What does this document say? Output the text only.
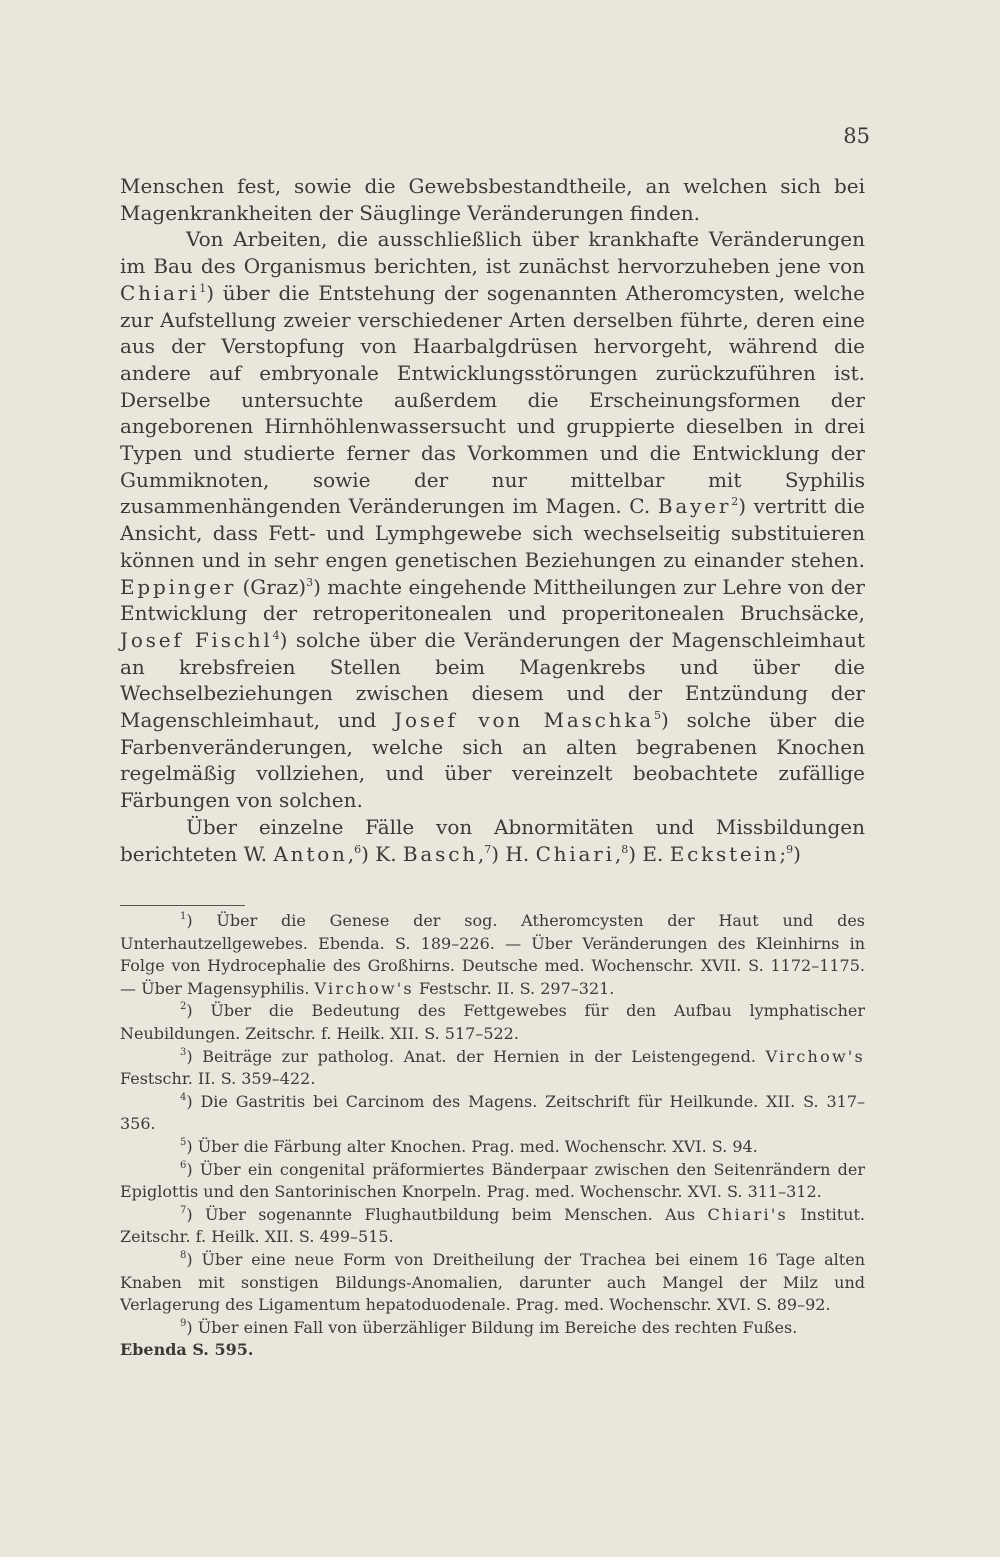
85

Menschen fest, sowie die Gewebsbestandtheile, an welchen sich bei Magenkrankheiten der Säuglinge Veränderungen finden.

Von Arbeiten, die ausschließlich über krankhafte Veränderungen im Bau des Organismus berichten, ist zunächst hervorzuheben jene von Chiari$^1$) über die Entstehung der sogenannten Atheromcysten, welche zur Aufstellung zweier verschiedener Arten derselben führte, deren eine aus der Verstopfung von Haarbalgdrüsen hervorgeht, während die andere auf embryonale Entwicklungsstörungen zurückzuführen ist. Derselbe untersuchte außerdem die Erscheinungsformen der angeborenen Hirnhöhlenwassersucht und gruppierte dieselben in drei Typen und studierte ferner das Vorkommen und die Entwicklung der Gummiknoten, sowie der nur mittelbar mit Syphilis zusammenhängenden Veränderungen im Magen. C. Bayer$^2$) vertritt die Ansicht, dass Fett- und Lymphgewebe sich wechselseitig substituieren können und in sehr engen genetischen Beziehungen zu einander stehen. Eppinger (Graz)$^3$) machte eingehende Mittheilungen zur Lehre von der Entwicklung der retroperitonealen und properitonealen Bruchsäcke, Josef Fischl$^4$) solche über die Veränderungen der Magenschleimhaut an krebsfreien Stellen beim Magenkrebs und über die Wechselbeziehungen zwischen diesem und der Entzündung der Magenschleimhaut, und Josef von Maschka$^5$) solche über die Farbenveränderungen, welche sich an alten begrabenen Knochen regelmäßig vollziehen, und über vereinzelt beobachtete zufällige Färbungen von solchen.

Über einzelne Fälle von Abnormitäten und Missbildungen berichteten W. Anton,$^6$) K. Basch,$^7$) H. Chiari,$^8$) E. Eckstein;$^9$)

$^1$) Über die Genese der sog. Atheromcysten der Haut und des Unterhautzellgewebes. Ebenda. S. 189–226. — Über Veränderungen des Kleinhirns in Folge von Hydrocephalie des Großhirns. Deutsche med. Wochenschr. XVII. S. 1172–1175. — Über Magensyphilis. Virchow's Festschr. II. S. 297–321.

$^2$) Über die Bedeutung des Fettgewebes für den Aufbau lymphatischer Neubildungen. Zeitschr. f. Heilk. XII. S. 517–522.

$^3$) Beiträge zur patholog. Anat. der Hernien in der Leistengegend. Virchow's Festschr. II. S. 359–422.

$^4$) Die Gastritis bei Carcinom des Magens. Zeitschrift für Heilkunde. XII. S. 317–356.

$^5$) Über die Färbung alter Knochen. Prag. med. Wochenschr. XVI. S. 94.

$^6$) Über ein congenital präformiertes Bänderpaar zwischen den Seitenrändern der Epiglottis und den Santorinischen Knorpeln. Prag. med. Wochenschr. XVI. S. 311–312.

$^7$) Über sogenannte Flughautbildung beim Menschen. Aus Chiari's Institut. Zeitschr. f. Heilk. XII. S. 499–515.

$^8$) Über eine neue Form von Dreitheilung der Trachea bei einem 16 Tage alten Knaben mit sonstigen Bildungs-Anomalien, darunter auch Mangel der Milz und Verlagerung des Ligamentum hepatoduodenale. Prag. med. Wochenschr. XVI. S. 89–92.

$^9$) Über einen Fall von überzähliger Bildung im Bereiche des rechten Fußes.

Ebenda S. 595.
